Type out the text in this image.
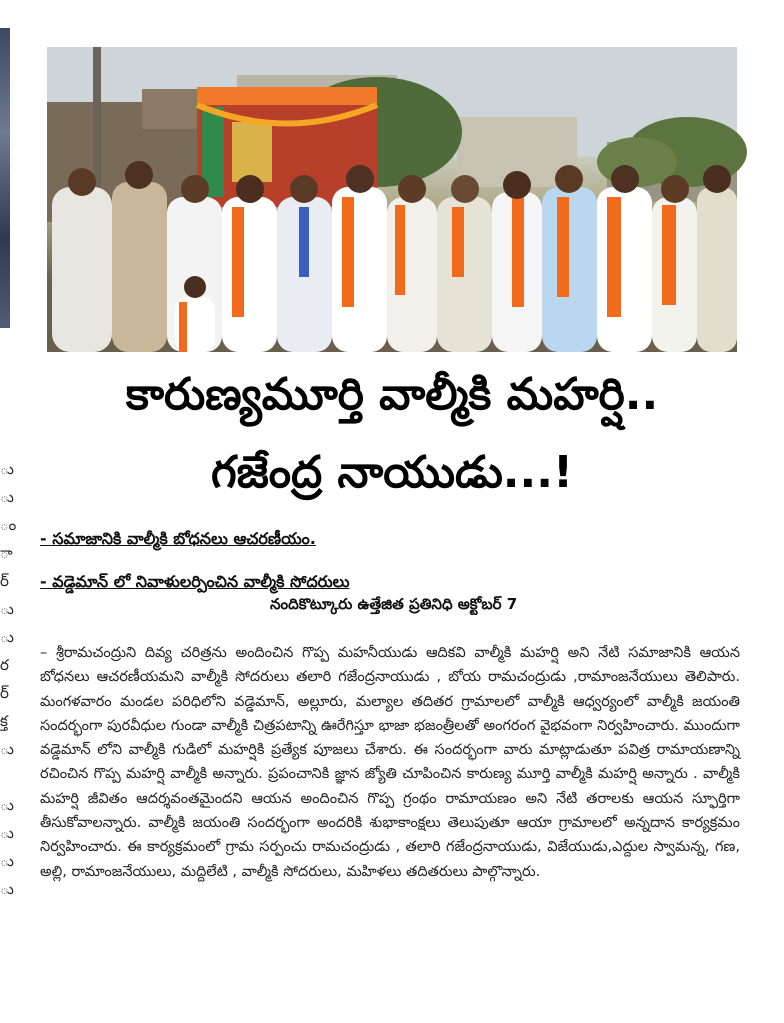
ు
ు
ం
ా
ర్
ు
ు
ర
ర్
క్త
ు

ు
ు
ు
ు
కారుణ్యమూర్తి వాల్మీకి మహర్షి..
గజేంద్ర నాయుడు...!
- సమాజానికి వాల్మీకి బోధనలు ఆచరణీయం.
- వడ్డెమాన్ లో నివాళులర్పించిన వాల్మీకి సోదరులు
నందికొట్కూరు ఉత్తేజిత ప్రతినిధి అక్టోబర్ 7
– శ్రీరామచంద్రుని దివ్య చరిత్రను అందించిన గొప్ప మహనీయుడు ఆదికవి వాల్మీకి మహర్షి అని నేటి సమాజానికి ఆయన బోధనలు ఆచరణీయమని వాల్మీకి సోదరులు తలారి గజేంద్రనాయుడు , బోయ రామచంద్రుడు ,రామాంజనేయులు తెలిపారు. మంగళవారం మండల పరిధిలోని వడ్డెమాన్, అల్లూరు, మల్యాల తదితర గ్రామాలలో వాల్మీకి ఆధ్వర్యంలో వాల్మీకి జయంతి సందర్భంగా పురవీధుల గుండా వాల్మీకి చిత్రపటాన్ని ఊరేగిస్తూ భాజా భజంత్రీలతో అంగరంగ వైభవంగా నిర్వహించారు. ముందుగా వడ్డెమాన్ లోని వాల్మీకి గుడిలో మహర్షికి ప్రత్యేక పూజలు చేశారు. ఈ సందర్భంగా వారు మాట్లాడుతూ పవిత్ర రామాయణాన్ని రచించిన గొప్ప మహర్షి వాల్మీకి అన్నారు. ప్రపంచానికి జ్ఞాన జ్యోతి చూపించిన కారుణ్య మూర్తి వాల్మీకి మహర్షి అన్నారు . వాల్మీకి మహర్షి జీవితం ఆదర్శవంతమైందని ఆయన అందించిన గొప్ప గ్రంథం రామాయణం అని నేటి తరాలకు ఆయన స్ఫూర్తిగా తీసుకోవాలన్నారు. వాల్మీకి జయంతి సందర్భంగా అందరికి శుభాకాంక్షలు తెలుపుతూ ఆయా గ్రామాలలో అన్నదాన కార్యక్రమం నిర్వహించారు. ఈ కార్యక్రమంలో గ్రామ సర్పంచు రామచంద్రుడు , తలారి గజేంద్రనాయుడు, విజేయుడు,ఎద్దుల స్వామన్న, గణ, అల్లి, రామాంజనేయులు, మద్దిలేటి , వాల్మీకి సోదరులు, మహిళలు తదితరులు పాల్గొన్నారు.
